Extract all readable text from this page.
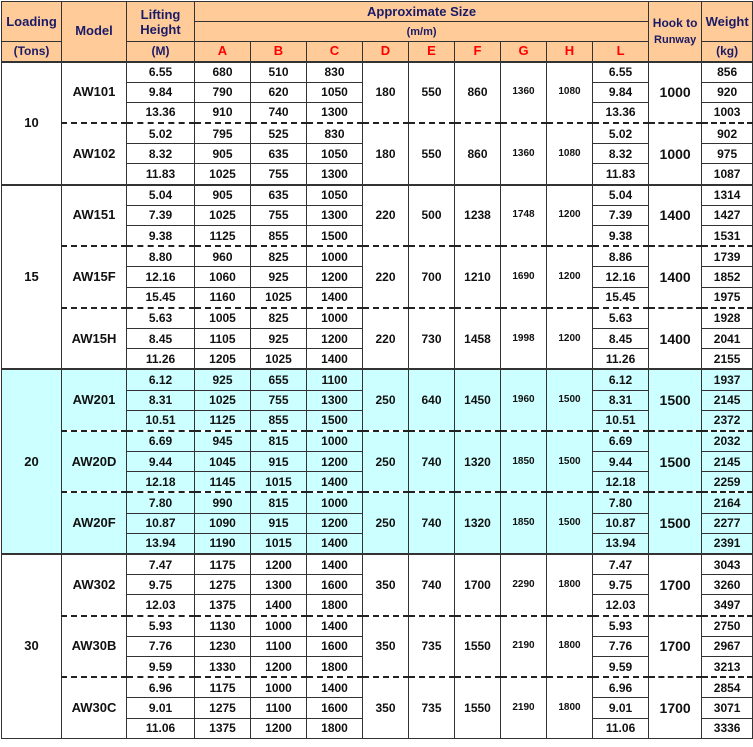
Loading	Model	Lifting Height	Approximate Size									Hook to
Runway	Weight
			(m/m)										
(Tons)		(M)	A	B	C	D	E	F	G	H	L		(kg)
10	AW101	6.55	680	510	830	180	550	860	1360	1080	6.55	1000	856
		9.84	790	620	1050						9.84		920
		13.36	910	740	1300						13.36		1003
	AW102	5.02	795	525	830	180	550	860	1360	1080	5.02	1000	902
		8.32	905	635	1050						8.32		975
		11.83	1025	755	1300						11.83		1087
15	AW151	5.04	905	635	1050	220	500	1238	1748	1200	5.04	1400	1314
		7.39	1025	755	1300						7.39		1427
		9.38	1125	855	1500						9.38		1531
	AW15F	8.80	960	825	1000	220	700	1210	1690	1200	8.86	1400	1739
		12.16	1060	925	1200						12.16		1852
		15.45	1160	1025	1400						15.45		1975
	AW15H	5.63	1005	825	1000	220	730	1458	1998	1200	5.63	1400	1928
		8.45	1105	925	1200						8.45		2041
		11.26	1205	1025	1400						11.26		2155
20	AW201	6.12	925	655	1100	250	640	1450	1960	1500	6.12	1500	1937
		8.31	1025	755	1300						8.31		2145
		10.51	1125	855	1500						10.51		2372
	AW20D	6.69	945	815	1000	250	740	1320	1850	1500	6.69	1500	2032
		9.44	1045	915	1200						9.44		2145
		12.18	1145	1015	1400						12.18		2259
	AW20F	7.80	990	815	1000	250	740	1320	1850	1500	7.80	1500	2164
		10.87	1090	915	1200						10.87		2277
		13.94	1190	1015	1400						13.94		2391
30	AW302	7.47	1175	1200	1400	350	740	1700	2290	1800	7.47	1700	3043
		9.75	1275	1300	1600						9.75		3260
		12.03	1375	1400	1800						12.03		3497
	AW30B	5.93	1130	1000	1400	350	735	1550	2190	1800	5.93	1700	2750
		7.76	1230	1100	1600						7.76		2967
		9.59	1330	1200	1800						9.59		3213
	AW30C	6.96	1175	1000	1400	350	735	1550	2190	1800	6.96	1700	2854
		9.01	1275	1100	1600						9.01		3071
		11.06	1375	1200	1800						11.06		3336
